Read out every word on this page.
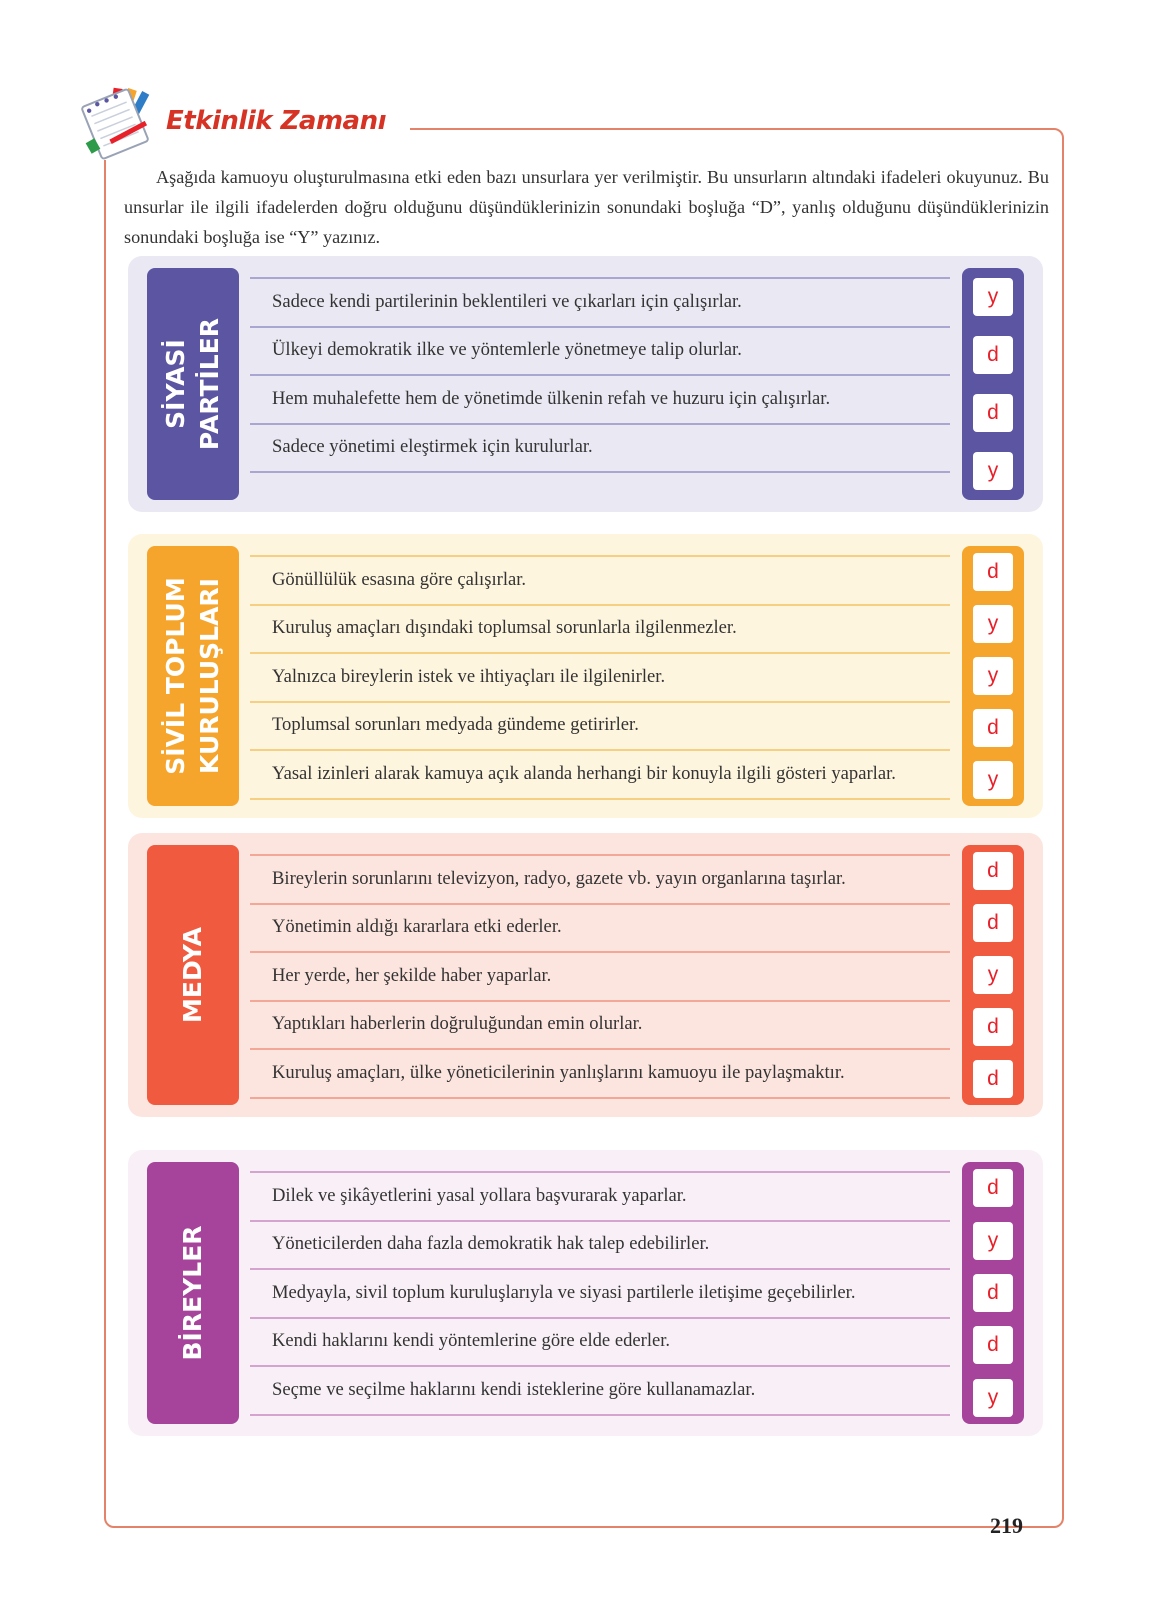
Etkinlik Zamanı
Aşağıda kamuoyu oluşturulmasına etki eden bazı unsurlara yer verilmiştir. Bu unsurların altındaki ifadeleri okuyunuz. Bu unsurlar ile ilgili ifadelerden doğru olduğunu düşündüklerinizin sonundaki boşluğa “D”, yanlış olduğunu düşündüklerinizin sonundaki boşluğa ise “Y” yazınız.
SİYASİ PARTİLER
Sadece kendi partilerinin beklentileri ve çıkarları için çalışırlar.
Ülkeyi demokratik ilke ve yöntemlerle yönetmeye talip olurlar.
Hem muhalefette hem de yönetimde ülkenin refah ve huzuru için çalışırlar.
Sadece yönetimi eleştirmek için kurulurlar.
y
d
d
y
SİVİL TOPLUM KURULUŞLARI	Gönüllülük esasına göre çalışırlar.
Kuruluş amaçları dışındaki toplumsal sorunlarla ilgilenmezler.
Yalnızca bireylerin istek ve ihtiyaçları ile ilgilenirler.
Toplumsal sorunları medyada gündeme getirirler.
Yasal izinleri alarak kamuya açık alanda herhangi bir konuyla ilgili gösteri yaparlar.
d
y
y
d
y
MEDYA
Bireylerin sorunlarını televizyon, radyo, gazete vb. yayın organlarına taşırlar.
Yönetimin aldığı kararlara etki ederler.
Her yerde, her şekilde haber yaparlar.
Yaptıkları haberlerin doğruluğundan emin olurlar.
Kuruluş amaçları, ülke yöneticilerinin yanlışlarını kamuoyu ile paylaşmaktır.
d
d
y
d
d
BİREYLER
Dilek ve şikâyetlerini yasal yollara başvurarak yaparlar.
Yöneticilerden daha fazla demokratik hak talep edebilirler.
Medyayla, sivil toplum kuruluşlarıyla ve siyasi partilerle iletişime geçebilirler.
Kendi haklarını kendi yöntemlerine göre elde ederler.
Seçme ve seçilme haklarını kendi isteklerine göre kullanamazlar.
d
y
d
d
y
219
